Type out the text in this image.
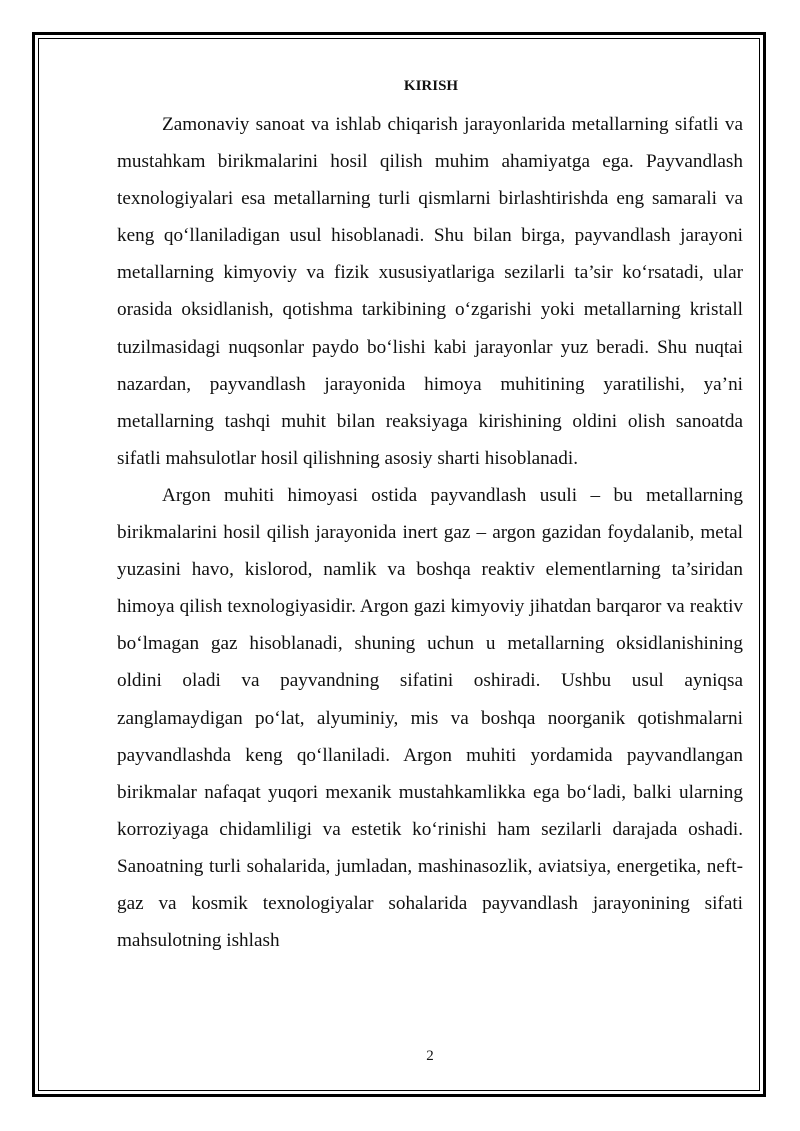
KIRISH

Zamonaviy sanoat va ishlab chiqarish jarayonlarida metallarning sifatli va mustahkam birikmalarini hosil qilish muhim ahamiyatga ega. Payvandlash texnologiyalari esa metallarning turli qismlarni birlashtirishda eng samarali va keng qo‘llaniladigan usul hisoblanadi. Shu bilan birga, payvandlash jarayoni metallarning kimyoviy va fizik xususiyatlariga sezilarli ta’sir ko‘rsatadi, ular orasida oksidlanish, qotishma tarkibining o‘zgarishi yoki metallarning kristall tuzilmasidagi nuqsonlar paydo bo‘lishi kabi jarayonlar yuz beradi. Shu nuqtai nazardan, payvandlash jarayonida himoya muhitining yaratilishi, ya’ni metallarning tashqi muhit bilan reaksiyaga kirishining oldini olish sanoatda sifatli mahsulotlar hosil qilishning asosiy sharti hisoblanadi.

Argon muhiti himoyasi ostida payvandlash usuli – bu metallarning birikmalarini hosil qilish jarayonida inert gaz – argon gazidan foydalanib, metal yuzasini havo, kislorod, namlik va boshqa reaktiv elementlarning ta’siridan himoya qilish texnologiyasidir. Argon gazi kimyoviy jihatdan barqaror va reaktiv bo‘lmagan gaz hisoblanadi, shuning uchun u metallarning oksidlanishining oldini oladi va payvandning sifatini oshiradi. Ushbu usul ayniqsa zanglamaydigan po‘lat, alyuminiy, mis va boshqa noorganik qotishmalarni payvandlashda keng qo‘llaniladi. Argon muhiti yordamida payvandlangan birikmalar nafaqat yuqori mexanik mustahkamlikka ega bo‘ladi, balki ularning korroziyaga chidamliligi va estetik ko‘rinishi ham sezilarli darajada oshadi. Sanoatning turli sohalarida, jumladan, mashinasozlik, aviatsiya, energetika, neft-gaz va kosmik texnologiyalar sohalarida payvandlash jarayonining sifati mahsulotning ishlash

2
